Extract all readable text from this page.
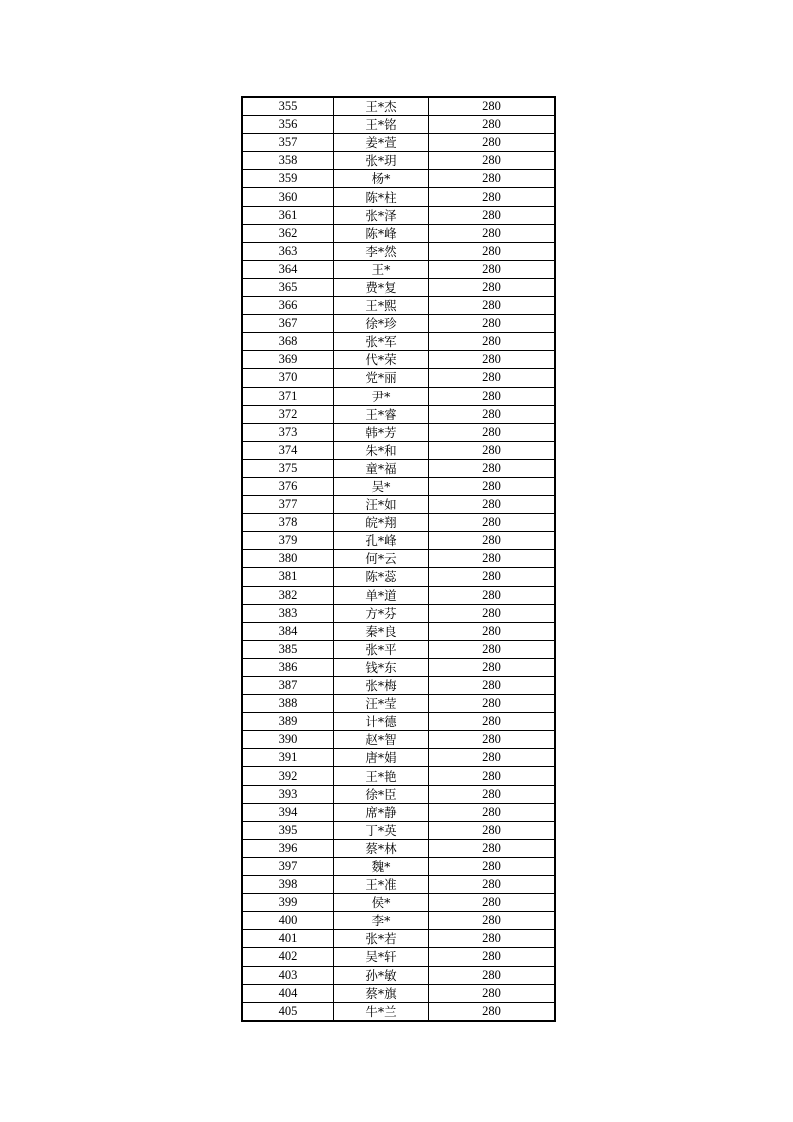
355	王*杰	280
356	王*铭	280
357	姜*萱	280
358	张*玥	280
359	杨*	280
360	陈*柱	280
361	张*泽	280
362	陈*峰	280
363	李*然	280
364	王*	280
365	费*复	280
366	王*熙	280
367	徐*珍	280
368	张*军	280
369	代*荣	280
370	党*丽	280
371	尹*	280
372	王*睿	280
373	韩*芳	280
374	朱*和	280
375	童*福	280
376	吴*	280
377	汪*如	280
378	皖*翔	280
379	孔*峰	280
380	何*云	280
381	陈*蕊	280
382	单*道	280
383	方*芬	280
384	秦*良	280
385	张*平	280
386	钱*东	280
387	张*梅	280
388	汪*莹	280
389	计*德	280
390	赵*智	280
391	唐*娟	280
392	王*艳	280
393	徐*臣	280
394	席*静	280
395	丁*英	280
396	蔡*林	280
397	魏*	280
398	王*准	280
399	侯*	280
400	李*	280
401	张*若	280
402	吴*轩	280
403	孙*敏	280
404	蔡*旗	280
405	牛*兰	280
